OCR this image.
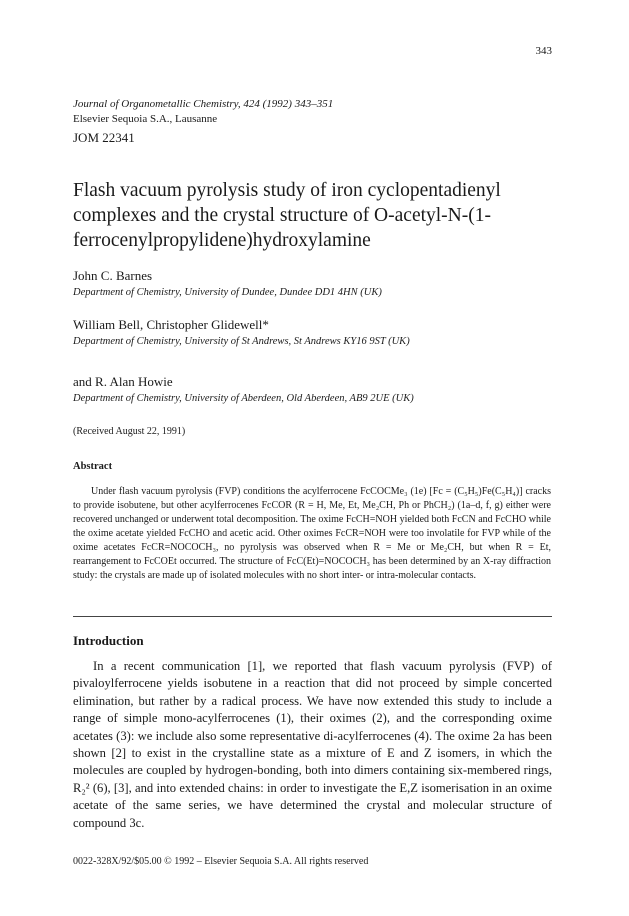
343
Journal of Organometallic Chemistry, 424 (1992) 343–351
Elsevier Sequoia S.A., Lausanne
JOM 22341
Flash vacuum pyrolysis study of iron cyclopentadienyl complexes and the crystal structure of O-acetyl-N-(1-ferrocenylpropylidene)hydroxylamine
John C. Barnes
Department of Chemistry, University of Dundee, Dundee DD1 4HN (UK)
William Bell, Christopher Glidewell*
Department of Chemistry, University of St Andrews, St Andrews KY16 9ST (UK)
and R. Alan Howie
Department of Chemistry, University of Aberdeen, Old Aberdeen, AB9 2UE (UK)
(Received August 22, 1991)
Abstract

Under flash vacuum pyrolysis (FVP) conditions the acylferrocene FcCOCMe₃ (1e) [Fc = (C₅H₅)Fe(C₅H₄)] cracks to provide isobutene, but other acylferrocenes FcCOR (R = H, Me, Et, Me₂CH, Ph or PhCH₂) (1a–d, f, g) either were recovered unchanged or underwent total decomposition. The oxime FcCH=NOH yielded both FcCN and FcCHO while the oxime acetate yielded FcCHO and acetic acid. Other oximes FcCR=NOH were too involatile for FVP while of the oxime acetates FcCR=NOCOCH₃, no pyrolysis was observed when R = Me or Me₂CH, but when R = Et, rearrangement to FcCOEt occurred. The structure of FcC(Et)=NOCOCH₃ has been determined by an X-ray diffraction study: the crystals are made up of isolated molecules with no short inter- or intra-molecular contacts.

Introduction

In a recent communication [1], we reported that flash vacuum pyrolysis (FVP) of pivaloylferrocene yields isobutene in a reaction that did not proceed by simple concerted elimination, but rather by a radical process. We have now extended this study to include a range of simple mono-acylferrocenes (1), their oximes (2), and the corresponding oxime acetates (3): we include also some representative di-acylferrocenes (4). The oxime 2a has been shown [2] to exist in the crystalline state as a mixture of E and Z isomers, in which the molecules are coupled by hydrogen-bonding, both into dimers containing six-membered rings, R₂² (6), [3], and into extended chains: in order to investigate the E,Z isomerisation in an oxime acetate of the same series, we have determined the crystal and molecular structure of compound 3c.

0022-328X/92/$05.00 © 1992 – Elsevier Sequoia S.A. All rights reserved
